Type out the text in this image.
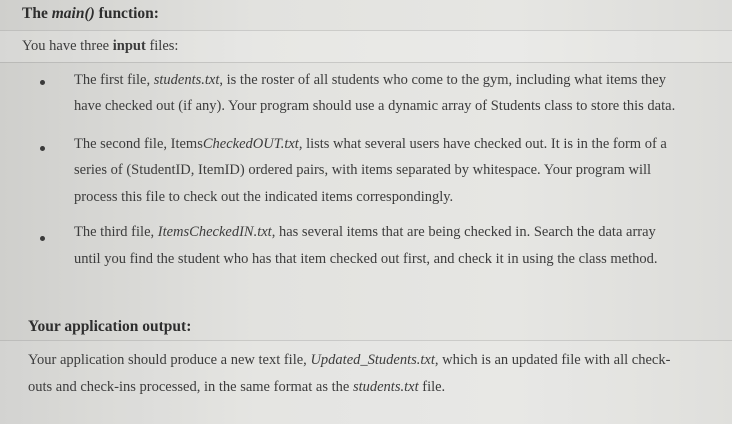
The main() function:
You have three input files:
The first file, students.txt, is the roster of all students who come to the gym, including what items they
have checked out (if any). Your program should use a dynamic array of Students class to store this data.
The second file, ItemsCheckedOUT.txt, lists what several users have checked out. It is in the form of a
series of (StudentID, ItemID) ordered pairs, with items separated by whitespace. Your program will
process this file to check out the indicated items correspondingly.
The third file, ItemsCheckedIN.txt, has several items that are being checked in. Search the data array
until you find the student who has that item checked out first, and check it in using the class method.
Your application output:
Your application should produce a new text file, Updated_Students.txt, which is an updated file with all check-
outs and check-ins processed, in the same format as the students.txt file.
